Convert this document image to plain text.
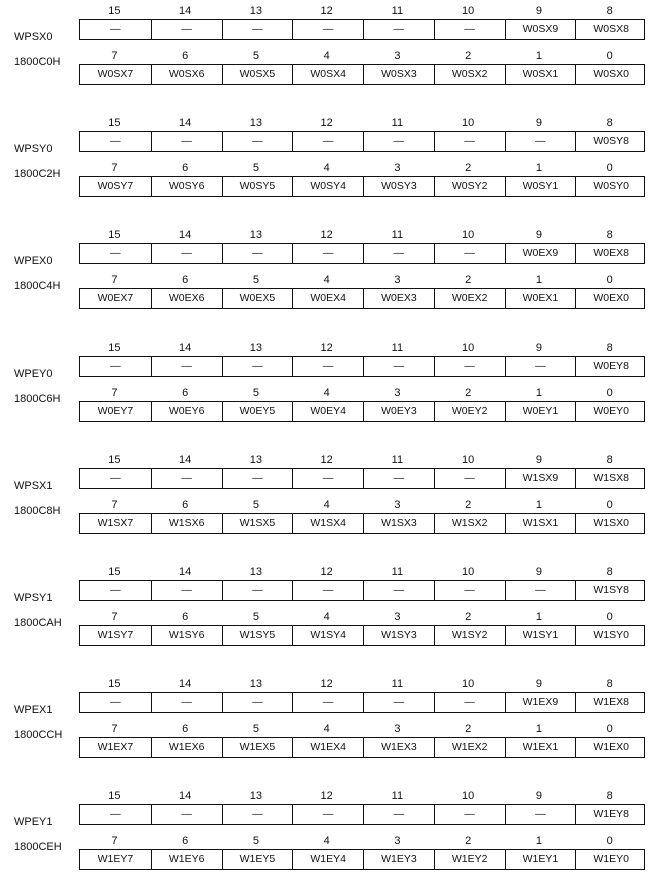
WPSX0
1800C0H
15	14	13	12	11	10	9	8
—	—	—	—	—	—	W0SX9	W0SX8
7	6	5	4	3	2	1	0
W0SX7	W0SX6	W0SX5	W0SX4	W0SX3	W0SX2	W0SX1	W0SX0
WPSY0
1800C2H
15	14	13	12	11	10	9	8
—	—	—	—	—	—	—	W0SY8
7	6	5	4	3	2	1	0
W0SY7	W0SY6	W0SY5	W0SY4	W0SY3	W0SY2	W0SY1	W0SY0
WPEX0
1800C4H
15	14	13	12	11	10	9	8
—	—	—	—	—	—	W0EX9	W0EX8
7	6	5	4	3	2	1	0
W0EX7	W0EX6	W0EX5	W0EX4	W0EX3	W0EX2	W0EX1	W0EX0
WPEY0
1800C6H
15	14	13	12	11	10	9	8
—	—	—	—	—	—	—	W0EY8
7	6	5	4	3	2	1	0
W0EY7	W0EY6	W0EY5	W0EY4	W0EY3	W0EY2	W0EY1	W0EY0
WPSX1
1800C8H
15	14	13	12	11	10	9	8
—	—	—	—	—	—	W1SX9	W1SX8
7	6	5	4	3	2	1	0
W1SX7	W1SX6	W1SX5	W1SX4	W1SX3	W1SX2	W1SX1	W1SX0
WPSY1
1800CAH
15	14	13	12	11	10	9	8
—	—	—	—	—	—	—	W1SY8
7	6	5	4	3	2	1	0
W1SY7	W1SY6	W1SY5	W1SY4	W1SY3	W1SY2	W1SY1	W1SY0
WPEX1
1800CCH
15	14	13	12	11	10	9	8
—	—	—	—	—	—	W1EX9	W1EX8
7	6	5	4	3	2	1	0
W1EX7	W1EX6	W1EX5	W1EX4	W1EX3	W1EX2	W1EX1	W1EX0
WPEY1
1800CEH
15	14	13	12	11	10	9	8
—	—	—	—	—	—	—	W1EY8
7	6	5	4	3	2	1	0
W1EY7	W1EY6	W1EY5	W1EY4	W1EY3	W1EY2	W1EY1	W1EY0
